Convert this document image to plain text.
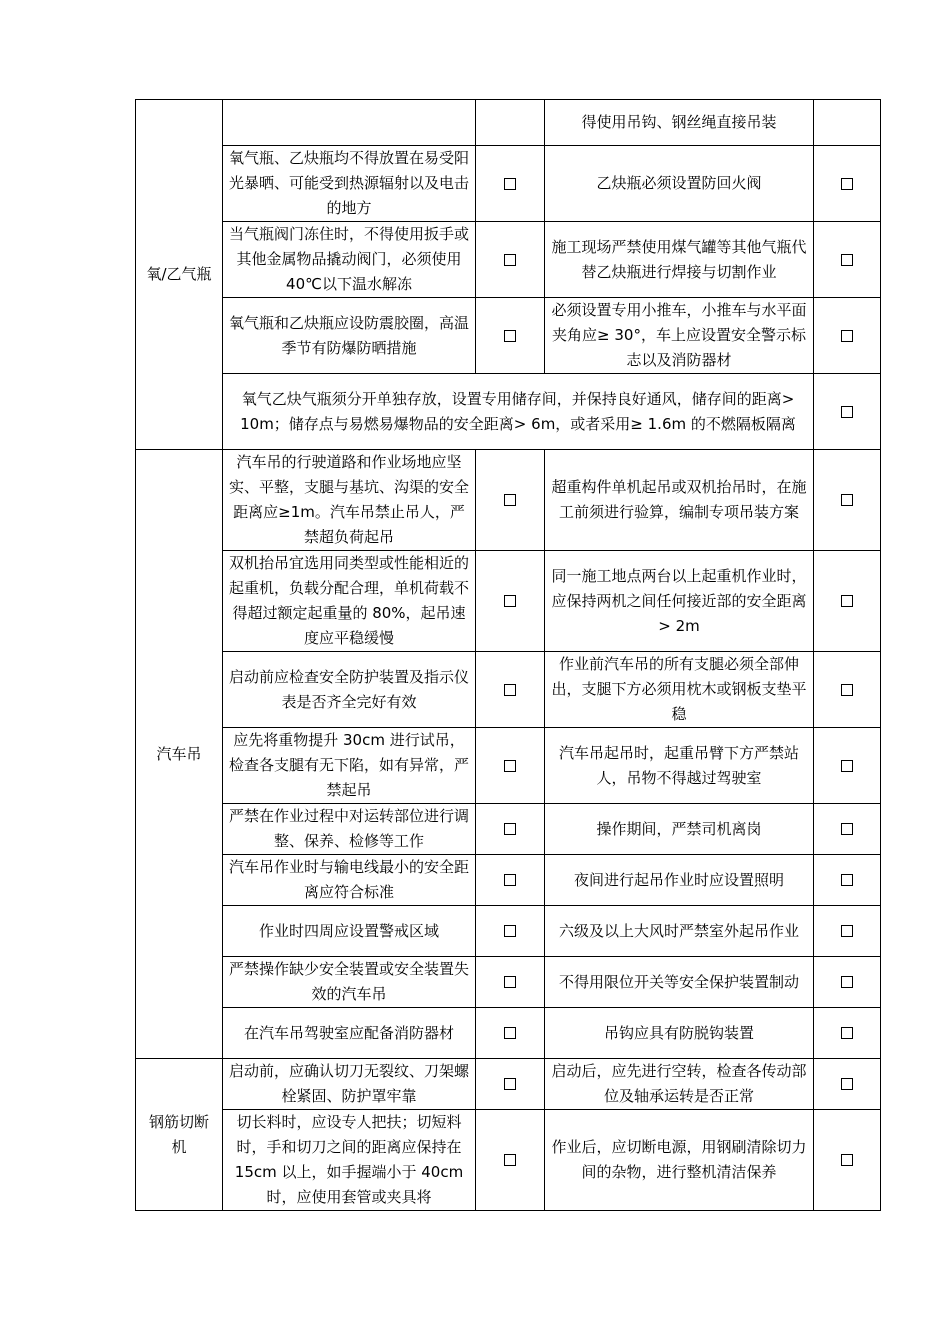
氧/乙气瓶			得使用吊钩、钢丝绳直接吊装	
	氧气瓶、乙炔瓶均不得放置在易受阳光暴晒、可能受到热源辐射以及电击的地方		乙炔瓶必须设置防回火阀	
	当气瓶阀门冻住时，不得使用扳手或其他金属物品撬动阀门，必须使用 40℃以下温水解冻		施工现场严禁使用煤气罐等其他气瓶代替乙炔瓶进行焊接与切割作业	
	氧气瓶和乙炔瓶应设防震胶圈，高温季节有防爆防晒措施		必须设置专用小推车，小推车与水平面夹角应≥ 30°，车上应设置安全警示标志以及消防器材	
	氧气乙炔气瓶须分开单独存放，设置专用储存间，并保持良好通风，储存间的距离> 10m；储存点与易燃易爆物品的安全距离> 6m，或者采用≥ 1.6m 的不燃隔板隔离			
汽车吊	汽车吊的行驶道路和作业场地应坚实、平整，支腿与基坑、沟渠的安全距离应≥1m。汽车吊禁止吊人，严禁超负荷起吊		超重构件单机起吊或双机抬吊时，在施工前须进行验算，编制专项吊装方案	
	双机抬吊宜选用同类型或性能相近的起重机，负载分配合理，单机荷载不得超过额定起重量的 80%，起吊速度应平稳缓慢		同一施工地点两台以上起重机作业时，应保持两机之间任何接近部的安全距离> 2m	
	启动前应检查安全防护装置及指示仪表是否齐全完好有效		作业前汽车吊的所有支腿必须全部伸出，支腿下方必须用枕木或钢板支垫平稳	
	应先将重物提升 30cm 进行试吊，检查各支腿有无下陷，如有异常，严禁起吊		汽车吊起吊时，起重吊臂下方严禁站人，吊物不得越过驾驶室	
	严禁在作业过程中对运转部位进行调整、保养、检修等工作		操作期间，严禁司机离岗	
	汽车吊作业时与输电线最小的安全距离应符合标准		夜间进行起吊作业时应设置照明	
	作业时四周应设置警戒区域		六级及以上大风时严禁室外起吊作业	
	严禁操作缺少安全装置或安全装置失效的汽车吊		不得用限位开关等安全保护装置制动	
	在汽车吊驾驶室应配备消防器材		吊钩应具有防脱钩装置	
钢筋切断机	启动前，应确认切刀无裂纹、刀架螺栓紧固、防护罩牢靠		启动后，应先进行空转，检查各传动部位及轴承运转是否正常	
	切长料时，应设专人把扶；切短料时，手和切刀之间的距离应保持在 15cm 以上，如手握端小于 40cm 时，应使用套管或夹具将		作业后，应切断电源，用钢刷清除切力间的杂物，进行整机清洁保养	
